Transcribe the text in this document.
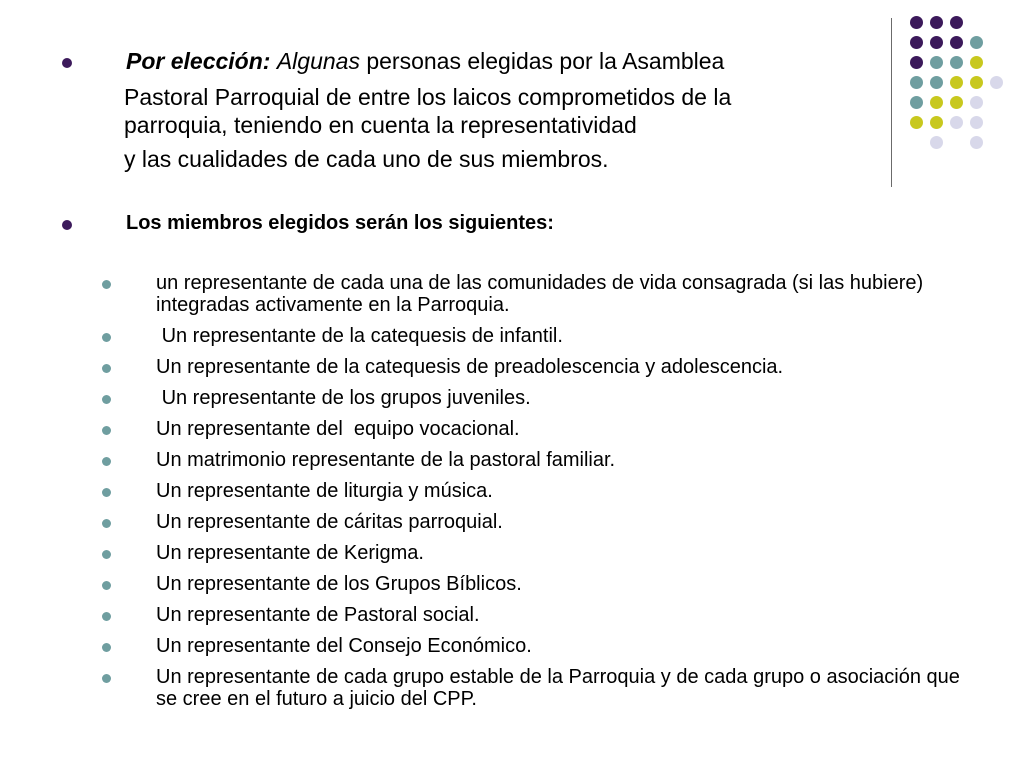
Por elección: Algunas personas elegidas por la Asamblea
Pastoral Parroquial de entre los laicos comprometidos de la
parroquia, teniendo en cuenta la representatividad
y las cualidades de cada uno de sus miembros.
Los miembros elegidos serán los siguientes:
un representante de cada una de las comunidades de vida consagrada (si las hubiere) integradas activamente en la Parroquia.
Un representante de la catequesis de infantil.
Un representante de la catequesis de preadolescencia y adolescencia.
Un representante de los grupos juveniles.
Un representante del  equipo vocacional.
Un matrimonio representante de la pastoral familiar.
Un representante de liturgia y música.
Un representante de cáritas parroquial.
Un representante de Kerigma.
Un representante de los Grupos Bíblicos.
Un representante de Pastoral social.
Un representante del Consejo Económico.
Un representante de cada grupo estable de la Parroquia y de cada grupo o asociación que se cree en el futuro a juicio del CPP.
